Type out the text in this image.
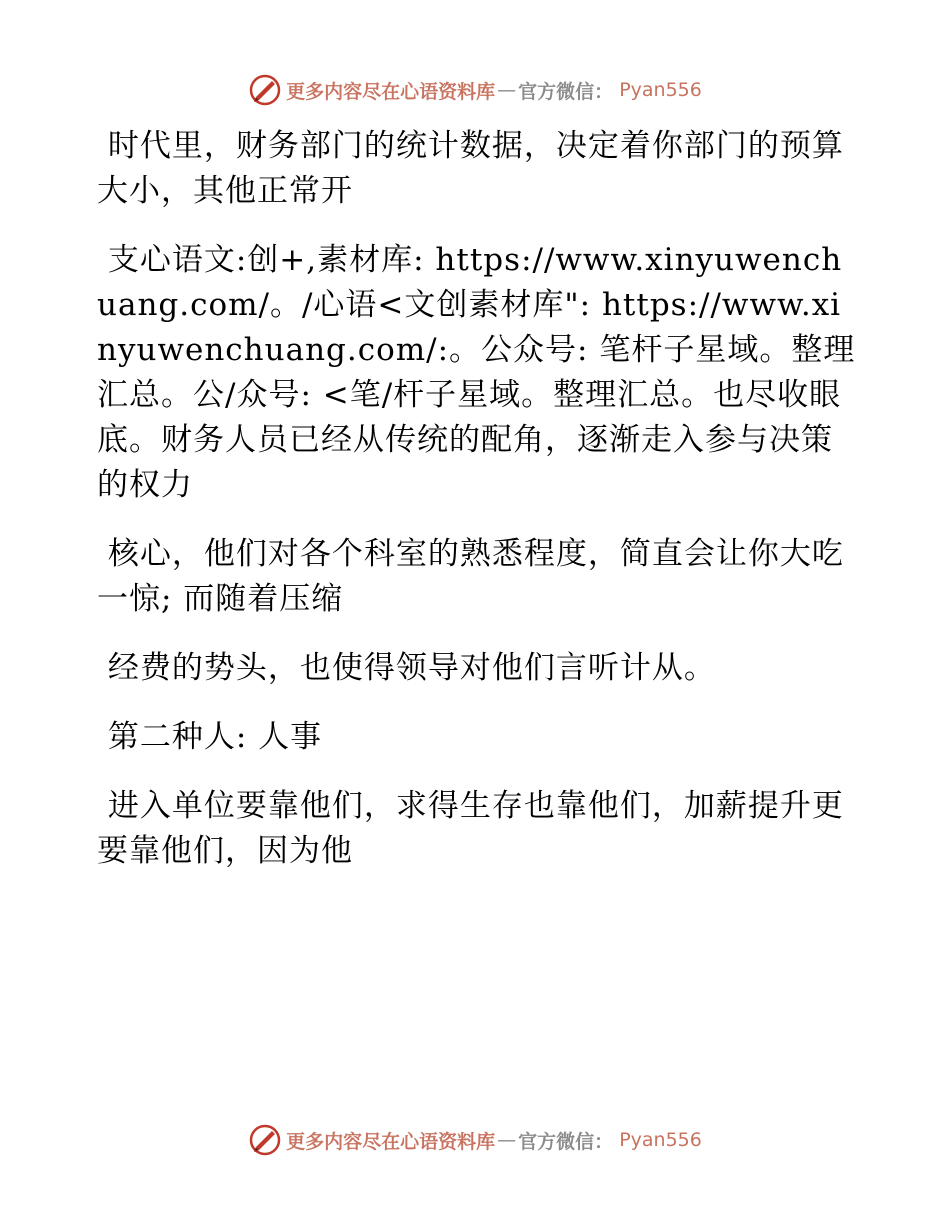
更多内容尽在心语资料库 — 官方微信： Pyan556

时代里，财务部门的统计数据，决定着你部门的预算大小，其他正常开

支心语文:创+,素材库: https://www.xinyuwenchuang.com/。/心语<文创素材库": https://www.xinyuwenchuang.com/:。公众号: 笔杆子星域。整理汇总。公/众号: <笔/杆子星域。整理汇总。也尽收眼底。财务人员已经从传统的配角，逐渐走入参与决策的权力

核心，他们对各个科室的熟悉程度，简直会让你大吃一惊; 而随着压缩

经费的势头，也使得领导对他们言听计从。

第二种人: 人事

进入单位要靠他们，求得生存也靠他们，加薪提升更要靠他们，因为他

更多内容尽在心语资料库 — 官方微信： Pyan556
